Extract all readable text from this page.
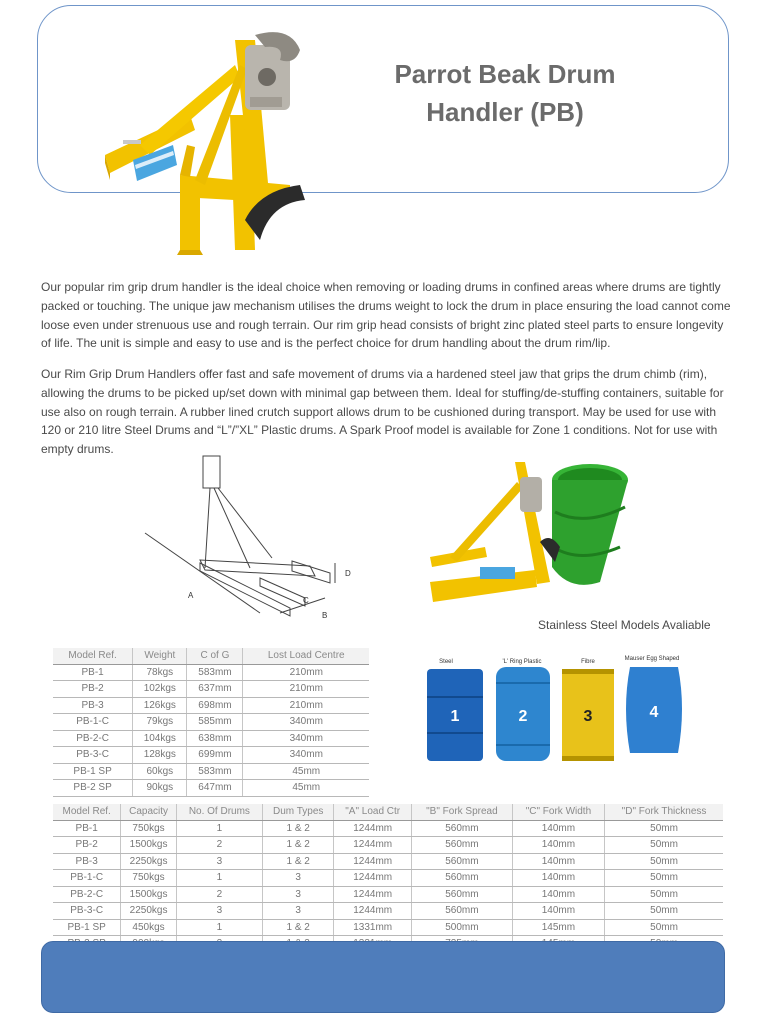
Parrot Beak Drum
Handler (PB)

Our popular rim grip drum handler is the ideal choice when removing or loading drums in confined areas where drums are tightly packed or touching. The unique jaw mechanism utilises the drums weight to lock the drum in place ensuring the load cannot come loose even under strenuous use and rough terrain. Our rim grip head consists of bright zinc plated steel parts to ensure longevity of life. The unit is simple and easy to use and is the perfect choice for drum handling about the drum rim/lip.

Our Rim Grip Drum Handlers offer fast and safe movement of drums via a hardened steel jaw that grips the drum chimb (rim), allowing the drums to be picked up/set down with minimal gap between them. Ideal for stuffing/de-stuffing containers, suitable for use also on rough terrain. A rubber lined crutch support allows drum to be cushioned during transport. May be used for use with 120 or 210 litre Steel Drums and “L”/”XL” Plastic drums. A Spark Proof model is available for Zone 1 conditions. Not for use with empty drums.

A
B
C
D
Stainless Steel Models Avaliable
Steel
1
'L' Ring Plastic
2
Fibre
3
Mauser Egg Shaped
4
Model Ref.	Weight	C of G	Lost Load Centre
PB-1	78kgs	583mm	210mm
PB-2	102kgs	637mm	210mm
PB-3	126kgs	698mm	210mm
PB-1-C	79kgs	585mm	340mm
PB-2-C	104kgs	638mm	340mm
PB-3-C	128kgs	699mm	340mm
PB-1 SP	60kgs	583mm	45mm
PB-2 SP	90kgs	647mm	45mm
Model Ref.	Capacity	No. Of Drums	Dum Types	"A" Load Ctr	"B" Fork Spread	"C" Fork Width	"D" Fork Thickness
PB-1	750kgs	1	1 & 2	1244mm	560mm	140mm	50mm
PB-2	1500kgs	2	1 & 2	1244mm	560mm	140mm	50mm
PB-3	2250kgs	3	1 & 2	1244mm	560mm	140mm	50mm
PB-1-C	750kgs	1	3	1244mm	560mm	140mm	50mm
PB-2-C	1500kgs	2	3	1244mm	560mm	140mm	50mm
PB-3-C	2250kgs	3	3	1244mm	560mm	140mm	50mm
PB-1 SP	450kgs	1	1 & 2	1331mm	500mm	145mm	50mm
